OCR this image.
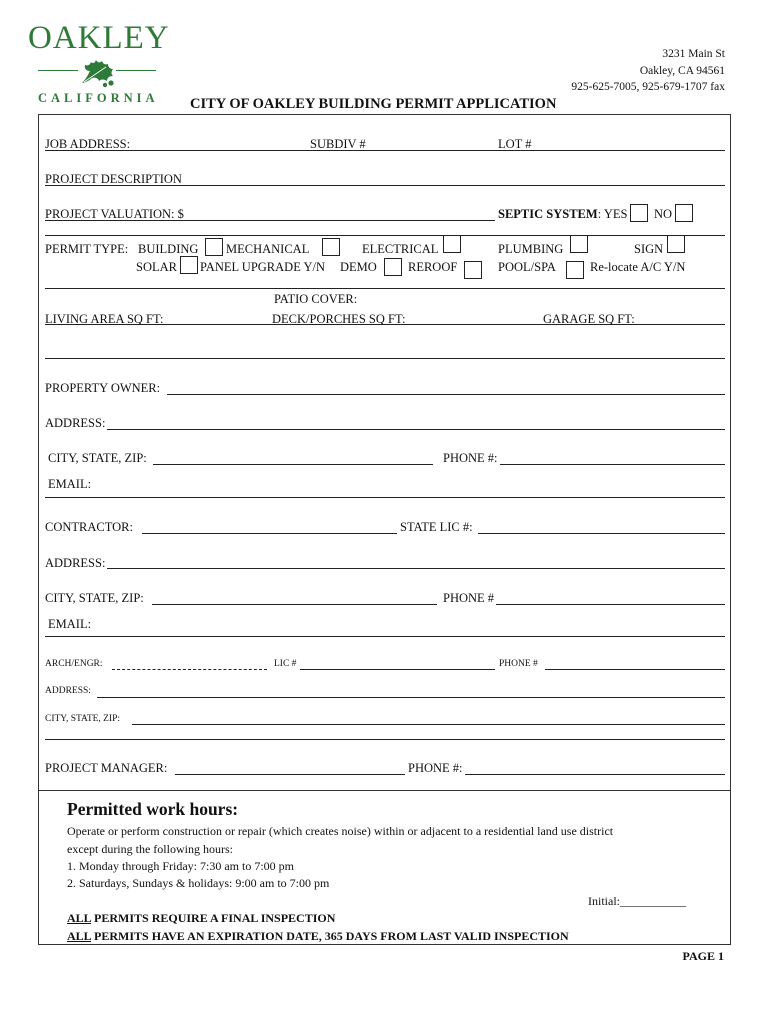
OAKLEY
CALIFORNIA
3231 Main St
Oakley, CA 94561
925-625-7005, 925-679-1707 fax
CITY OF OAKLEY BUILDING PERMIT APPLICATION
JOB ADDRESS:	SUBDIV #	LOT #
PROJECT DESCRIPTION
PROJECT VALUATION: $	SEPTIC SYSTEM: YES NO
PERMIT TYPE: BUILDING MECHANICAL	ELECTRICAL	PLUMBING	SIGN
SOLAR PANEL UPGRADE Y/N DEMO REROOF	POOL/SPA	Re-locate A/C Y/N
PATIO COVER:
LIVING AREA SQ FT:	DECK/PORCHES SQ FT:	GARAGE SQ FT:
PROPERTY OWNER:
ADDRESS:
CITY, STATE, ZIP:	PHONE #:
EMAIL:
CONTRACTOR:	STATE LIC #:
ADDRESS:
CITY, STATE, ZIP:	PHONE #
EMAIL:
ARCH/ENGR:	LIC #	PHONE #
ADDRESS:
CITY, STATE, ZIP:
PROJECT MANAGER:	PHONE #:
Permitted work hours:
Operate or perform construction or repair (which creates noise) within or adjacent to a residential land use district
except during the following hours:
1. Monday through Friday: 7:30 am to 7:00 pm
2. Saturdays, Sundays & holidays: 9:00 am to 7:00 pm
Initial:___________
ALL PERMITS REQUIRE A FINAL INSPECTION
ALL PERMITS HAVE AN EXPIRATION DATE, 365 DAYS FROM LAST VALID INSPECTION
PAGE 1
